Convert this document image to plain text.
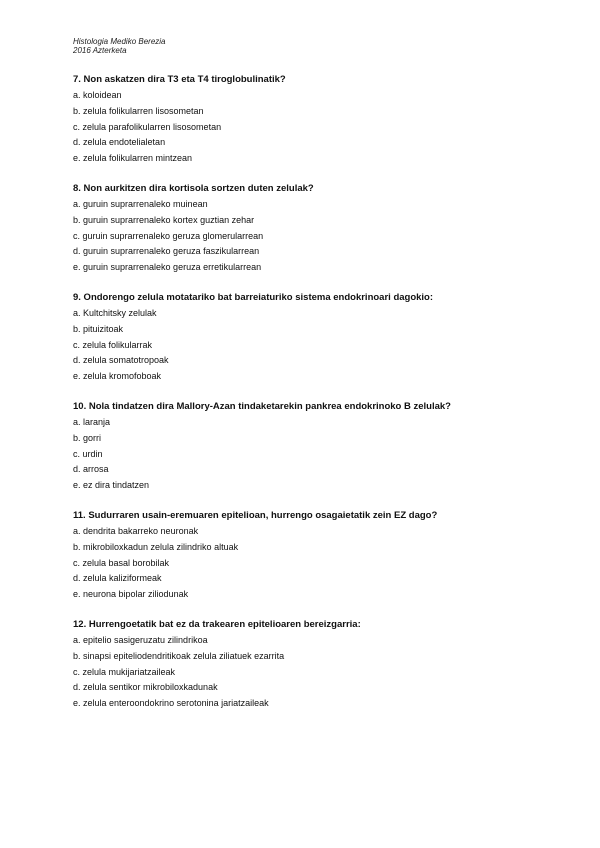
Histologia Mediko Berezia
2016 Azterketa

7. Non askatzen dira T3 eta T4 tiroglobulinatik?

a. koloidean

b. zelula folikularren lisosometan

c. zelula parafolikularren lisosometan

d. zelula endotelialetan

e. zelula folikularren mintzean

8. Non aurkitzen dira kortisola sortzen duten zelulak?

a. guruin suprarrenaleko muinean

b. guruin suprarrenaleko kortex guztian zehar

c. guruin suprarrenaleko geruza glomerularrean

d. guruin suprarrenaleko geruza faszikularrean

e. guruin suprarrenaleko geruza erretikularrean

9. Ondorengo zelula motatariko bat barreiaturiko sistema endokrinoari dagokio:

a. Kultchitsky zelulak

b. pituizitoak

c. zelula folikularrak

d. zelula somatotropoak

e. zelula kromofoboak

10. Nola tindatzen dira Mallory-Azan tindaketarekin pankrea endokrinoko B zelulak?

a. laranja

b. gorri

c. urdin

d. arrosa

e. ez dira tindatzen

11. Sudurraren usain-eremuaren epitelioan, hurrengo osagaietatik zein EZ dago?

a. dendrita bakarreko neuronak

b. mikrobiloxkadun zelula zilindriko altuak

c. zelula basal borobilak

d. zelula kaliziformeak

e. neurona bipolar ziliodunak

12. Hurrengoetatik bat ez da trakearen epitelioaren bereizgarria:

a. epitelio sasigeruzatu zilindrikoa

b. sinapsi epiteliodendritikoak zelula ziliatuek ezarrita

c. zelula mukijariatzaileak

d. zelula sentikor mikrobiloxkadunak

e. zelula enteroondokrino serotonina jariatzaileak
